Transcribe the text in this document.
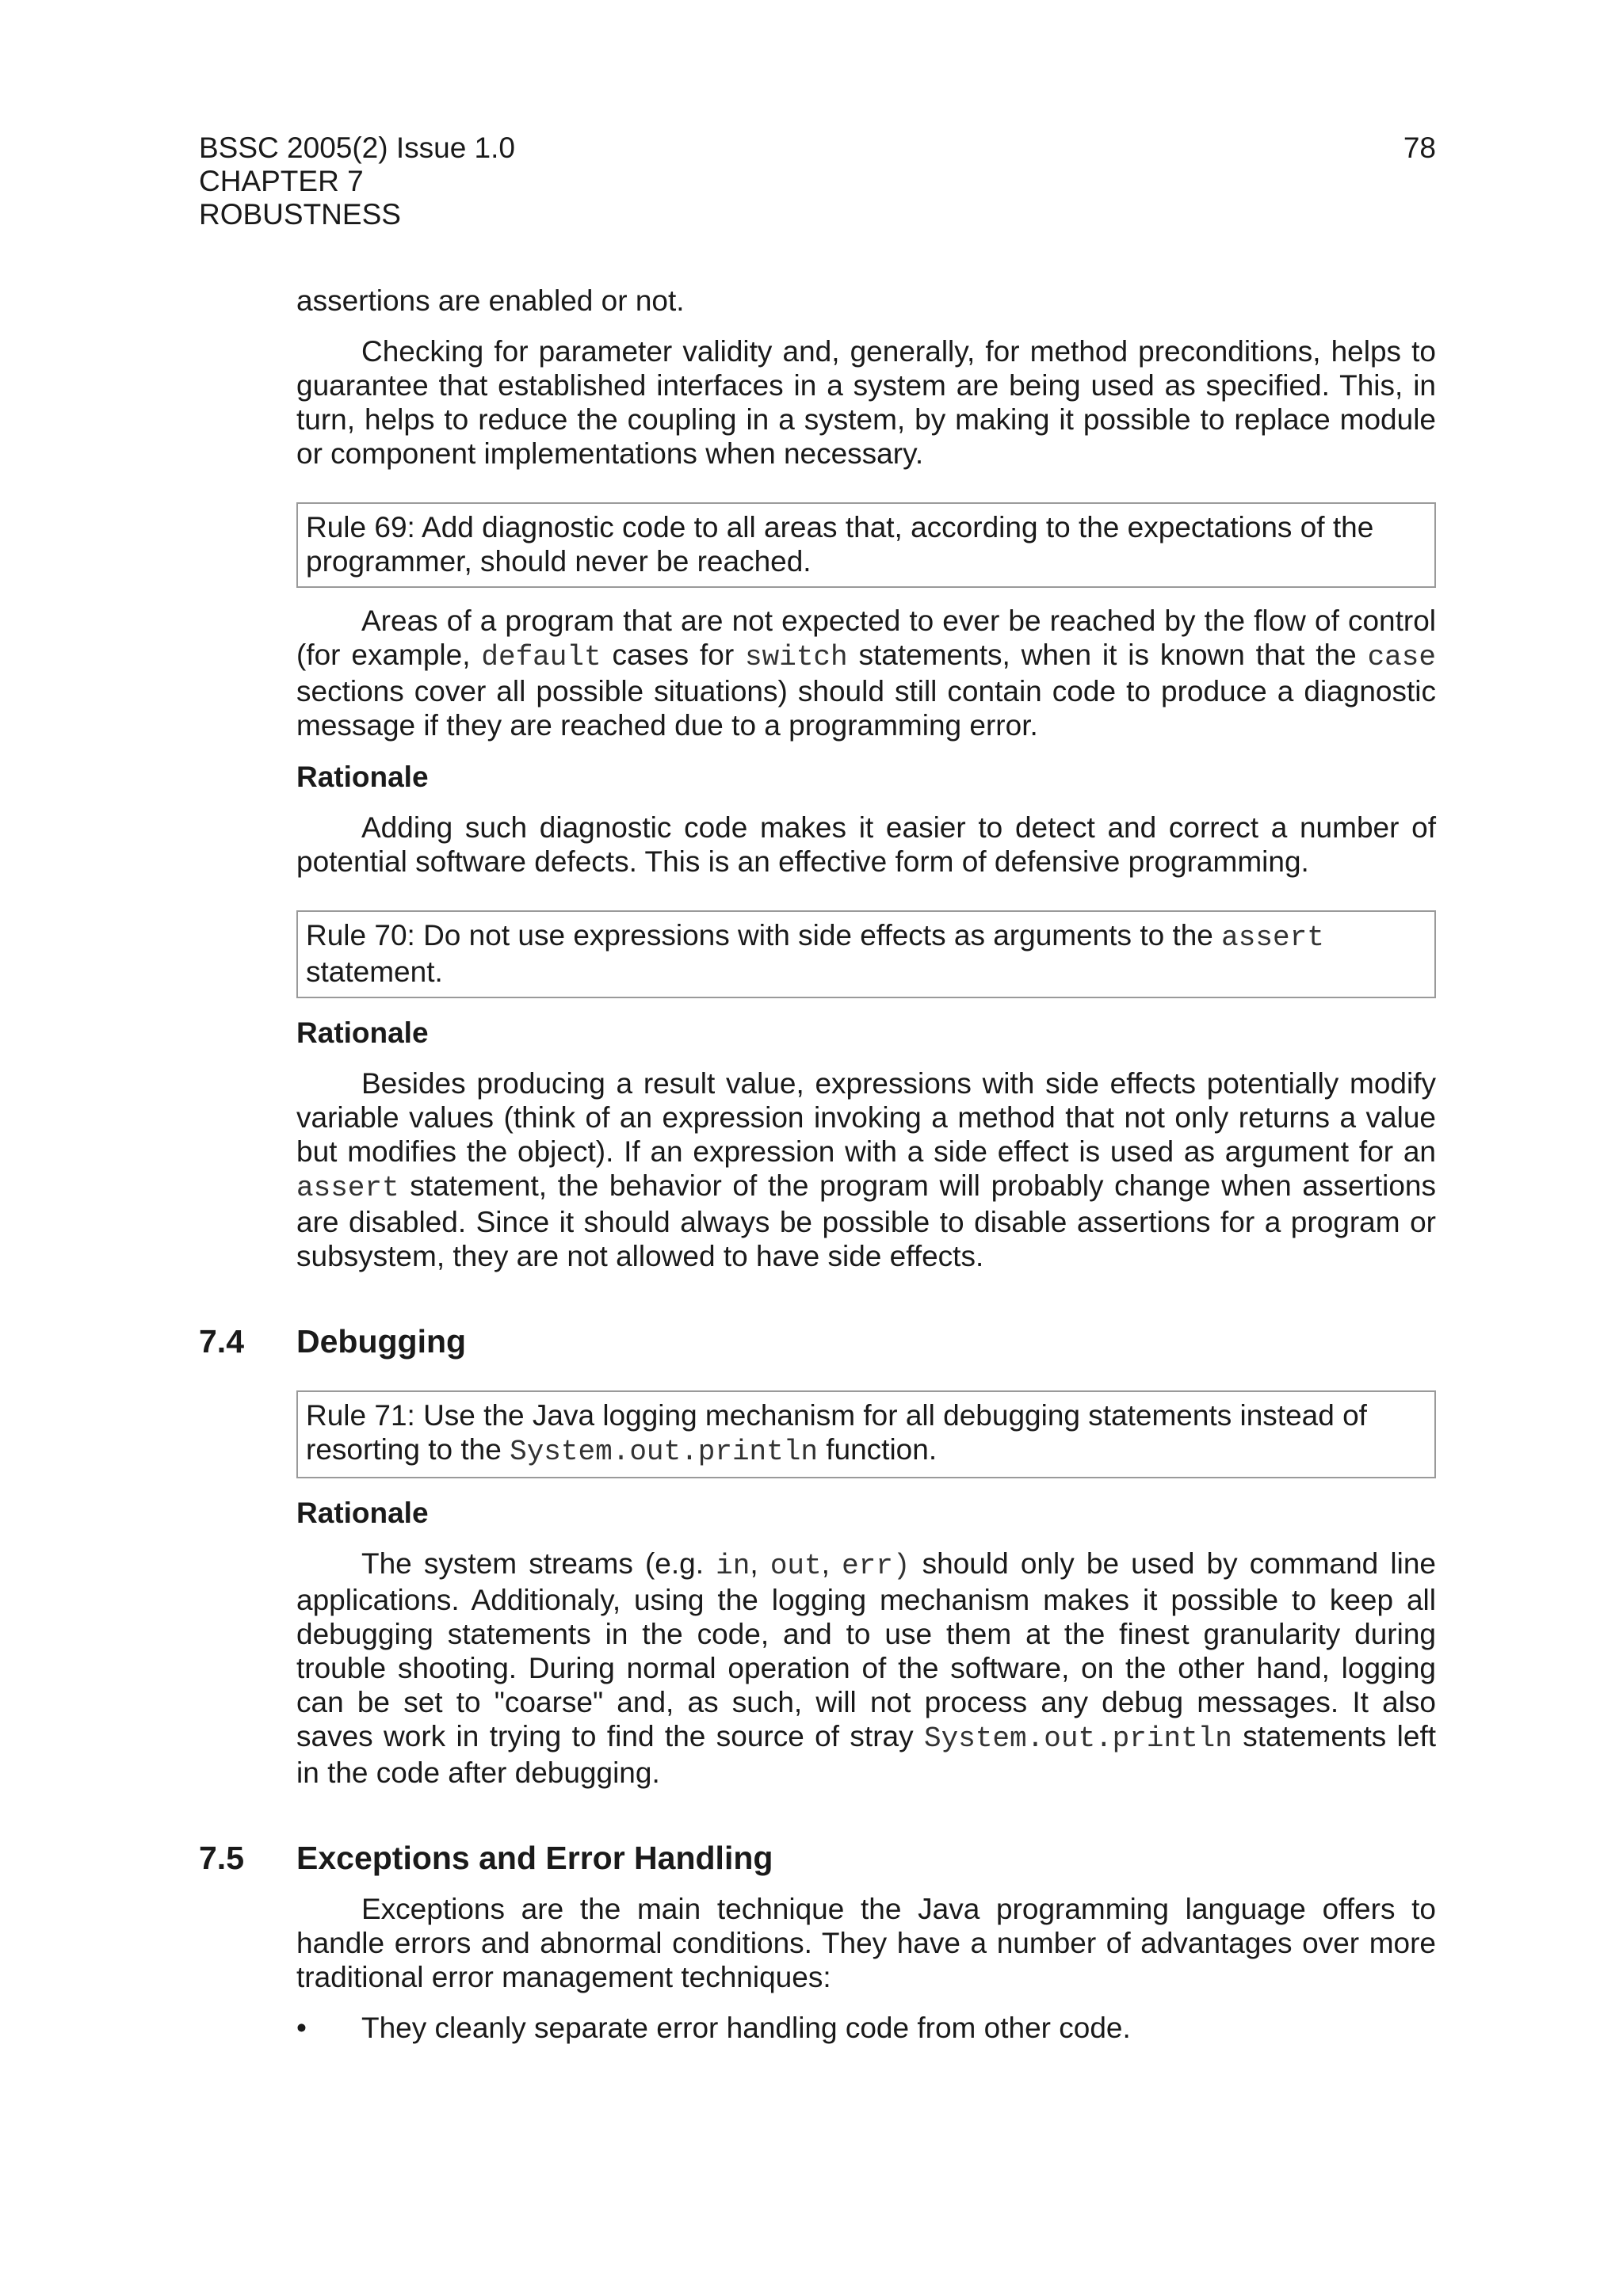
BSSC 2005(2) Issue 1.0
CHAPTER 7
ROBUSTNESS
78

assertions are enabled or not.

Checking for parameter validity and, generally, for method preconditions, helps to guarantee that established interfaces in a system are being used as specified. This, in turn, helps to reduce the coupling in a system, by making it possible to replace module or component implementations when necessary.

Rule 69: Add diagnostic code to all areas that, according to the expectations of the programmer, should never be reached.

Areas of a program that are not expected to ever be reached by the flow of control (for example, default cases for switch statements, when it is known that the case sections cover all possible situations) should still contain code to produce a diagnostic message if they are reached due to a programming error.

Rationale

Adding such diagnostic code makes it easier to detect and correct a number of potential software defects. This is an effective form of defensive programming.

Rule 70: Do not use expressions with side effects as arguments to the assert statement.
Rationale

Besides producing a result value, expressions with side effects potentially modify variable values (think of an expression invoking a method that not only returns a value but modifies the object). If an expression with a side effect is used as argument for an assert statement, the behavior of the program will probably change when assertions are disabled. Since it should always be possible to disable assertions for a program or subsystem, they are not allowed to have side effects.

7.4 Debugging
Rule 71: Use the Java logging mechanism for all debugging statements instead of resorting to the System.out.println function.
Rationale

The system streams (e.g. in, out, err) should only be used by command line applications. Additionaly, using the logging mechanism makes it possible to keep all debugging statements in the code, and to use them at the finest granularity during trouble shooting. During normal operation of the software, on the other hand, logging can be set to "coarse" and, as such, will not process any debug messages. It also saves work in trying to find the source of stray System.out.println statements left in the code after debugging.

7.5 Exceptions and Error Handling

Exceptions are the main technique the Java programming language offers to handle errors and abnormal conditions. They have a number of advantages over more traditional error management techniques:

• They cleanly separate error handling code from other code.
